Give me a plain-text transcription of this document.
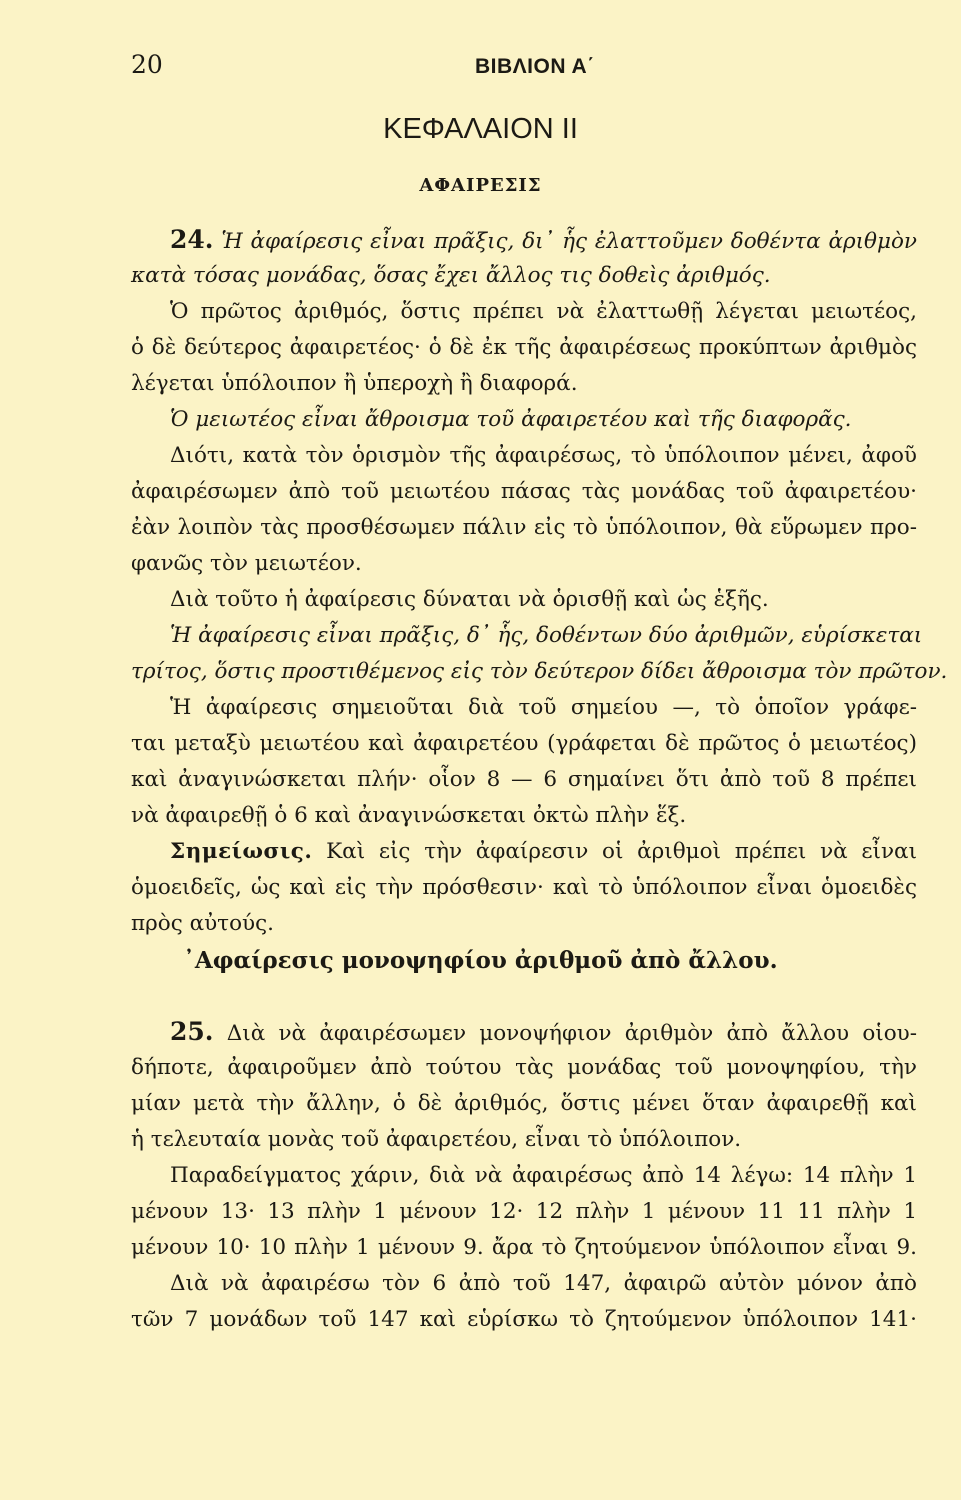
20	ΒΙΒΛΙΟΝ Α΄
ΚΕΦΑΛΑΙΟΝ ΙΙ
ΑΦΑΙΡΕΣΙΣ
24. Ἡ ἀφαίρεσις εἶναι πρᾶξις, δι᾽ ἧς ἐλαττοῦμεν δοθέντα ἀριθμὸν
κατὰ τόσας μονάδας, ὅσας ἔχει ἄλλος τις δοθεὶς ἀριθμός.
Ὁ πρῶτος ἀριθμός, ὅστις πρέπει νὰ ἐλαττωθῇ λέγεται μειωτέος,
ὁ δὲ δεύτερος ἀφαιρετέος· ὁ δὲ ἐκ τῆς ἀφαιρέσεως προκύπτων ἀριθμὸς
λέγεται ὑπόλοιπον ἢ ὑπεροχὴ ἢ διαφορά.
Ὁ μειωτέος εἶναι ἄθροισμα τοῦ ἀφαιρετέου καὶ τῆς διαφορᾶς.
Διότι, κατὰ τὸν ὁρισμὸν τῆς ἀφαιρέσως, τὸ ὑπόλοιπον μένει, ἀφοῦ
ἀφαιρέσωμεν ἀπὸ τοῦ μειωτέου πάσας τὰς μονάδας τοῦ ἀφαιρετέου·
ἐὰν λοιπὸν τὰς προσθέσωμεν πάλιν εἰς τὸ ὑπόλοιπον, θὰ εὕρωμεν προ-
φανῶς τὸν μειωτέον.
Διὰ τοῦτο ἡ ἀφαίρεσις δύναται νὰ ὁρισθῇ καὶ ὡς ἑξῆς.
Ἡ ἀφαίρεσις εἶναι πρᾶξις, δ᾽ ἧς, δοθέντων δύο ἀριθμῶν, εὑρίσκεται
τρίτος, ὅστις προστιθέμενος εἰς τὸν δεύτερον δίδει ἄθροισμα τὸν πρῶτον.
Ἡ ἀφαίρεσις σημειοῦται διὰ τοῦ σημείου —, τὸ ὁποῖον γράφε-
ται μεταξὺ μειωτέου καὶ ἀφαιρετέου (γράφεται δὲ πρῶτος ὁ μειωτέος)
καὶ ἀναγινώσκεται πλήν· οἷον 8 — 6 σημαίνει ὅτι ἀπὸ τοῦ 8 πρέπει
νὰ ἀφαιρεθῇ ὁ 6 καὶ ἀναγινώσκεται ὀκτὼ πλὴν ἕξ.
Σημείωσις. Καὶ εἰς τὴν ἀφαίρεσιν οἱ ἀριθμοὶ πρέπει νὰ εἶναι
ὁμοειδεῖς, ὡς καὶ εἰς τὴν πρόσθεσιν· καὶ τὸ ὑπόλοιπον εἶναι ὁμοειδὲς
πρὸς αὐτούς.
᾿Αφαίρεσις μονοψηφίου ἀριθμοῦ ἀπὸ ἄλλου.
25. Διὰ νὰ ἀφαιρέσωμεν μονοψήφιον ἀριθμὸν ἀπὸ ἄλλου οἱου-
δήποτε, ἀφαιροῦμεν ἀπὸ τούτου τὰς μονάδας τοῦ μονοψηφίου, τὴν
μίαν μετὰ τὴν ἄλλην, ὁ δὲ ἀριθμός, ὅστις μένει ὅταν ἀφαιρεθῇ καὶ
ἡ τελευταία μονὰς τοῦ ἀφαιρετέου, εἶναι τὸ ὑπόλοιπον.
Παραδείγματος χάριν, διὰ νὰ ἀφαιρέσως ἀπὸ 14 λέγω: 14 πλὴν 1
μένουν 13· 13 πλὴν 1 μένουν 12· 12 πλὴν 1 μένουν 11 11 πλὴν 1
μένουν 10· 10 πλὴν 1 μένουν 9. ἄρα τὸ ζητούμενον ὑπόλοιπον εἶναι 9.
Διὰ νὰ ἀφαιρέσω τὸν 6 ἀπὸ τοῦ 147, ἀφαιρῶ αὐτὸν μόνον ἀπὸ
τῶν 7 μονάδων τοῦ 147 καὶ εὑρίσκω τὸ ζητούμενον ὑπόλοιπον 141·
